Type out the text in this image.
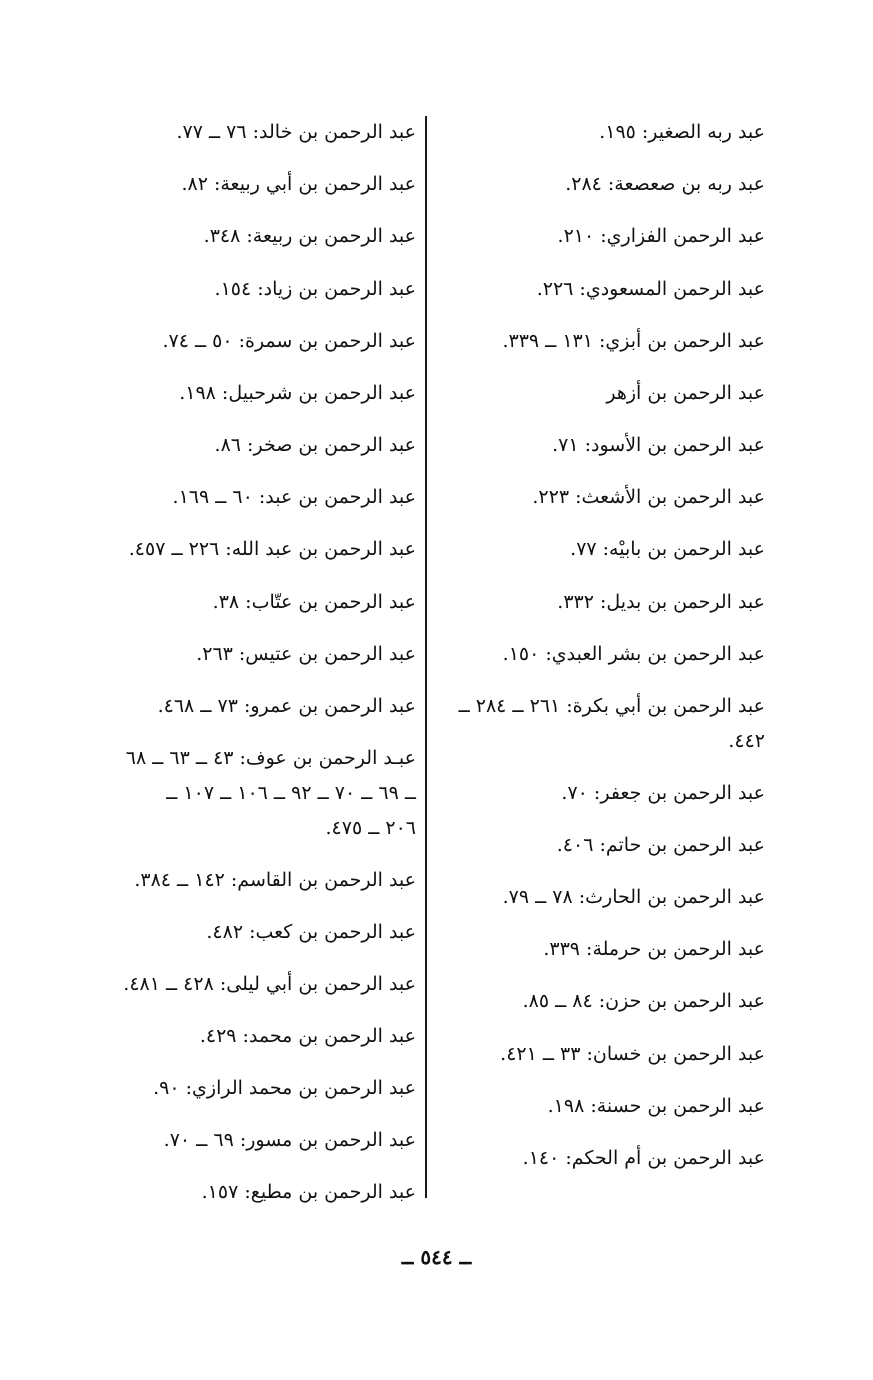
عبد ربه الصغير: ١٩٥.
عبد ربه بن صعصعة: ٢٨٤.
عبد الرحمن الفزاري: ٢١٠.
عبد الرحمن المسعودي: ٢٢٦.
عبد الرحمن بن أبزي: ١٣١ ــ ٣٣٩.
عبد الرحمن بن أزهر
عبد الرحمن بن الأسود: ٧١.
عبد الرحمن بن الأشعث: ٢٢٣.
عبد الرحمن بن بابيْه: ٧٧.
عبد الرحمن بن بديل: ٣٣٢.
عبد الرحمن بن بشر العبدي: ١٥٠.
عبد الرحمن بن أبي بكرة: ٢٦١ ــ ٢٨٤ ــ
٤٤٢.
عبد الرحمن بن جعفر: ٧٠.
عبد الرحمن بن حاتم: ٤٠٦.
عبد الرحمن بن الحارث: ٧٨ ــ ٧٩.
عبد الرحمن بن حرملة: ٣٣٩.
عبد الرحمن بن حزن: ٨٤ ــ ٨٥.
عبد الرحمن بن خسان: ٣٣ ــ ٤٢١.
عبد الرحمن بن حسنة: ١٩٨.
عبد الرحمن بن أم الحكم: ١٤٠.
عبد الرحمن بن خالد: ٧٦ ــ ٧٧.
عبد الرحمن بن أبي ربيعة: ٨٢.
عبد الرحمن بن ربيعة: ٣٤٨.
عبد الرحمن بن زياد: ١٥٤.
عبد الرحمن بن سمرة: ٥٠ ــ ٧٤.
عبد الرحمن بن شرحبيل: ١٩٨.
عبد الرحمن بن صخر: ٨٦.
عبد الرحمن بن عبد: ٦٠ ــ ١٦٩.
عبد الرحمن بن عبد الله: ٢٢٦ ــ ٤٥٧.
عبد الرحمن بن عتّاب: ٣٨.
عبد الرحمن بن عتيس: ٢٦٣.
عبد الرحمن بن عمرو: ٧٣ ــ ٤٦٨.
عبـد الرحمن بن عوف: ٤٣ ــ ٦٣ ــ ٦٨
ــ ٦٩ ــ ٧٠ ــ ٩٢ ــ ١٠٦ ــ ١٠٧ ــ
٢٠٦ ــ ٤٧٥.
عبد الرحمن بن القاسم: ١٤٢ ــ ٣٨٤.
عبد الرحمن بن كعب: ٤٨٢.
عبد الرحمن بن أبي ليلى: ٤٢٨ ــ ٤٨١.
عبد الرحمن بن محمد: ٤٢٩.
عبد الرحمن بن محمد الرازي: ٩٠.
عبد الرحمن بن مسور: ٦٩ ــ ٧٠.
عبد الرحمن بن مطيع: ١٥٧.
ــ ٥٤٤ ــ
